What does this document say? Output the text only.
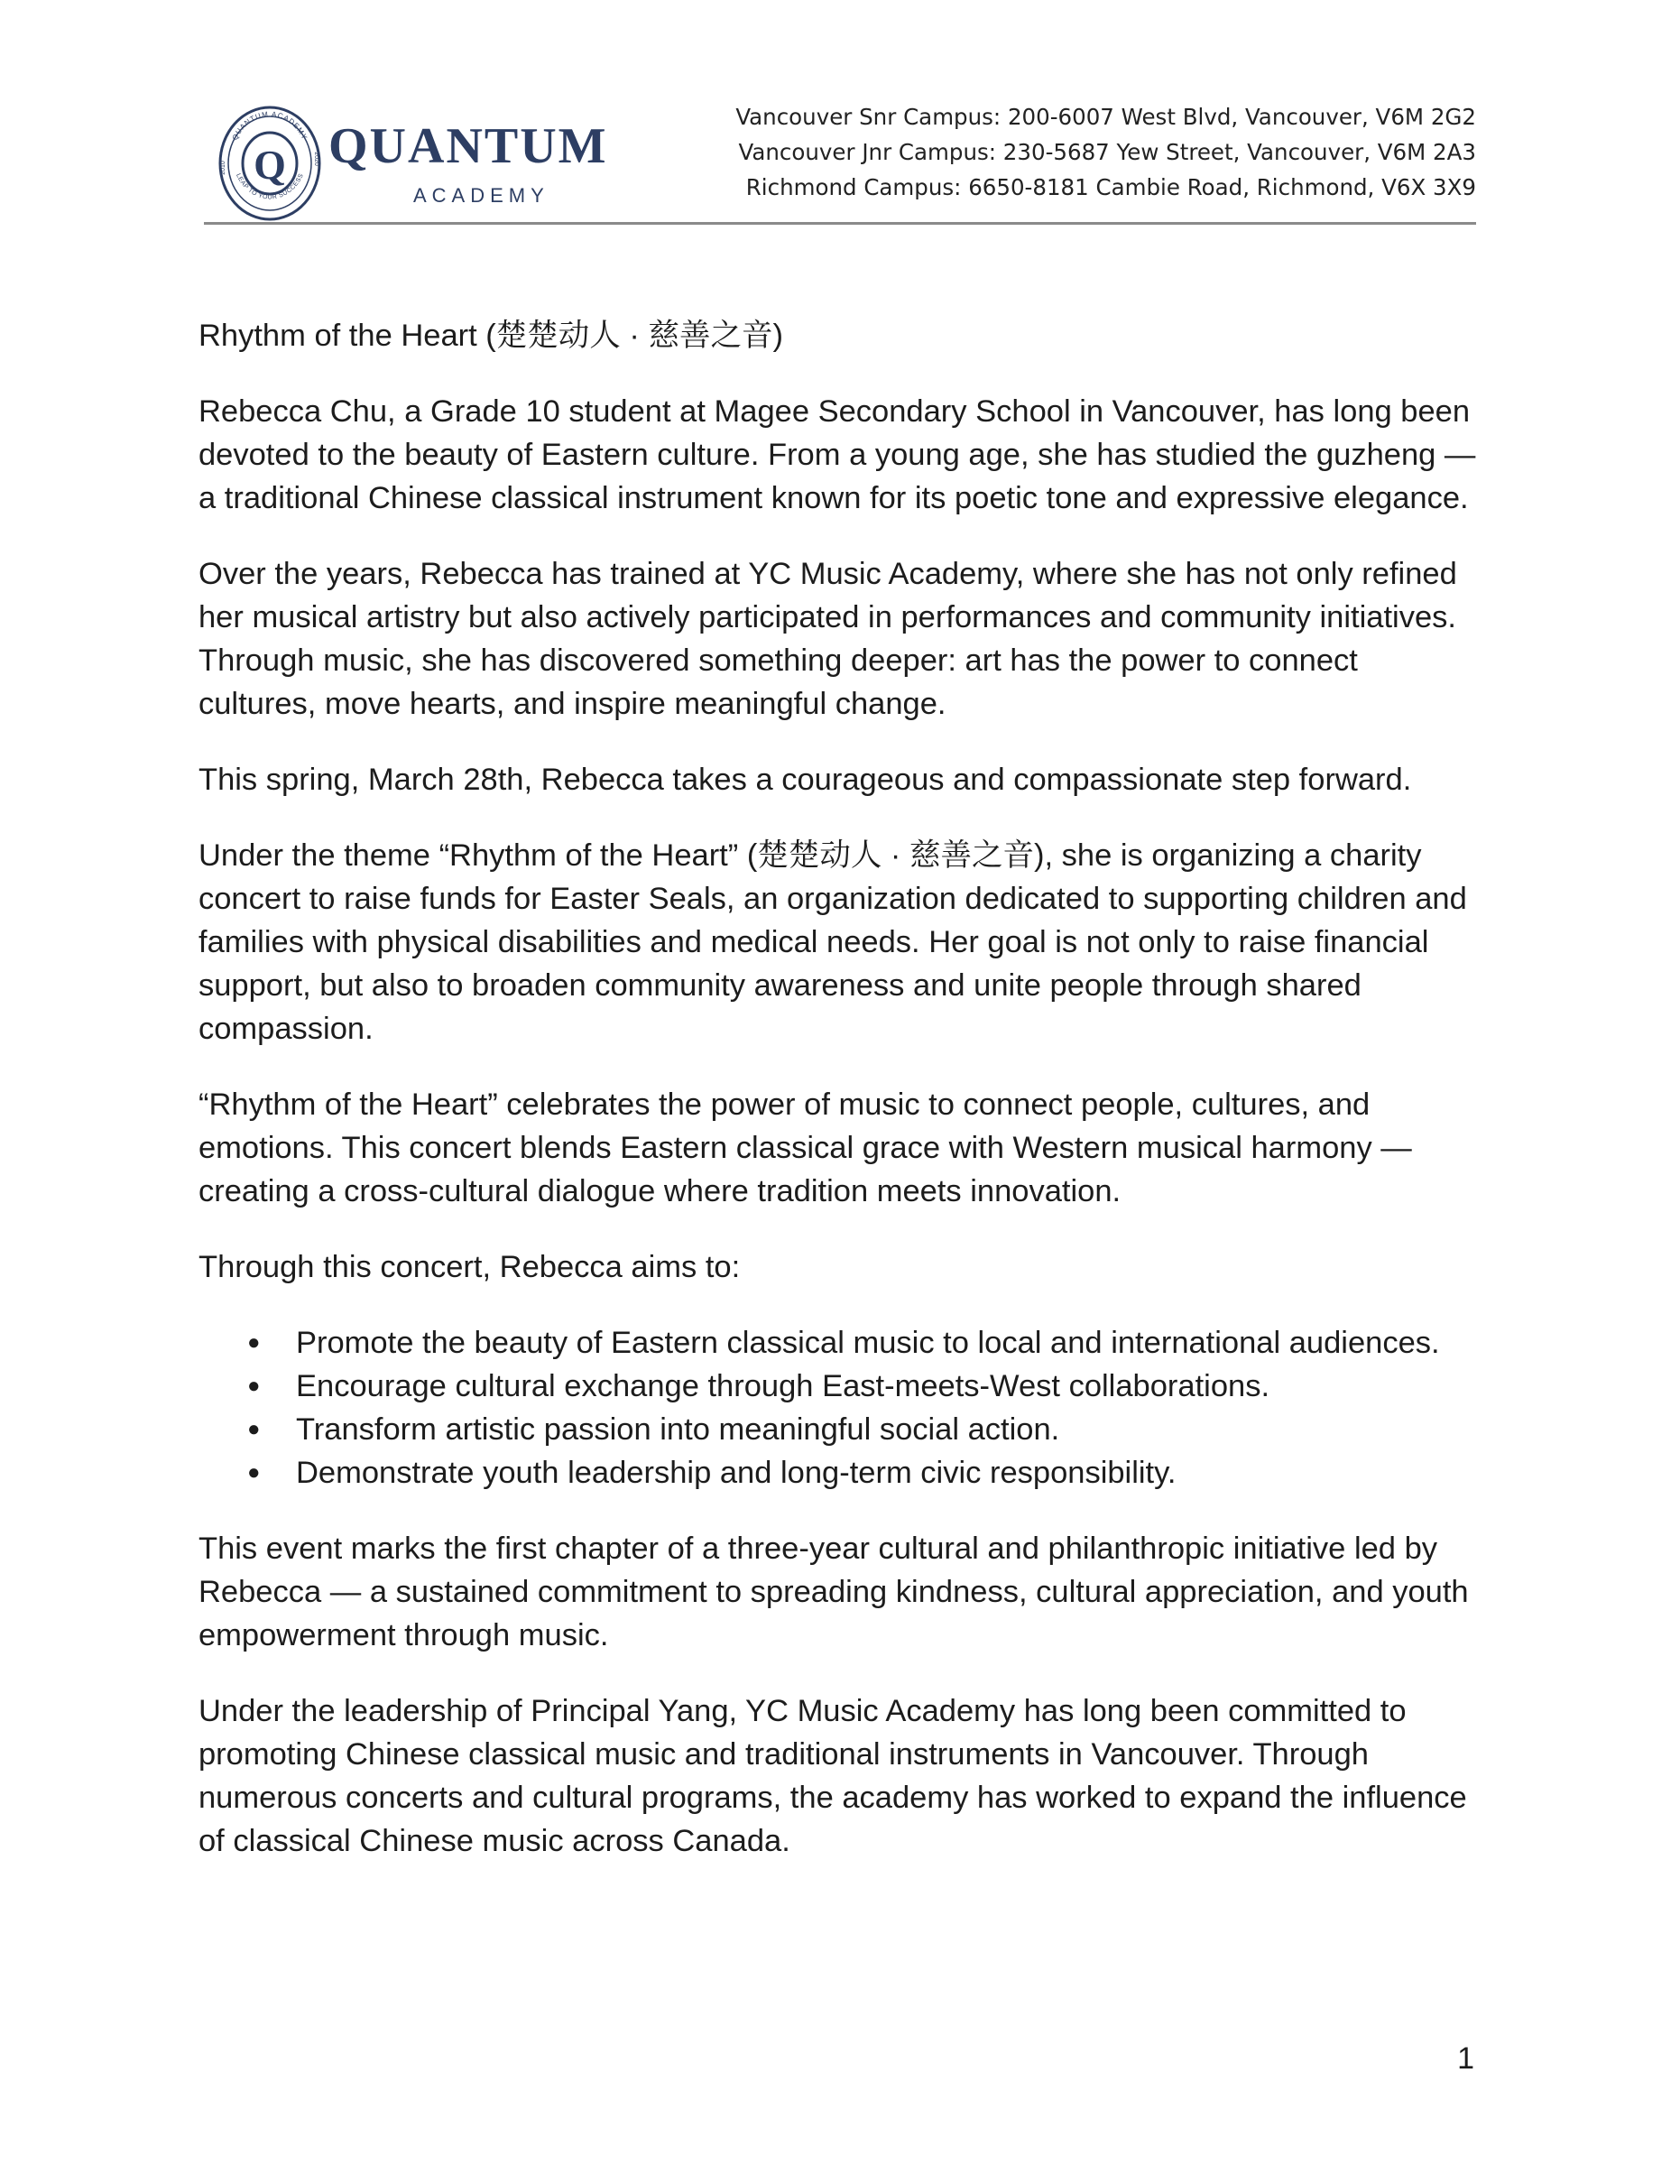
Q
QUANTUM ACADEMY
LEAP TO YOUR SUCCESS
2010
2020 QUANTUM
ACADEMY
Vancouver Snr Campus: 200-6007 West Blvd, Vancouver, V6M 2G2
Vancouver Jnr Campus: 230-5687 Yew Street, Vancouver, V6M 2A3
Richmond Campus: 6650-8181 Cambie Road, Richmond, V6X 3X9

Rhythm of the Heart (楚楚动人 · 慈善之音)

Rebecca Chu, a Grade 10 student at Magee Secondary School in Vancouver, has long been devoted to the beauty of Eastern culture. From a young age, she has studied the guzheng — a traditional Chinese classical instrument known for its poetic tone and expressive elegance.

Over the years, Rebecca has trained at YC Music Academy, where she has not only refined her musical artistry but also actively participated in performances and community initiatives. Through music, she has discovered something deeper: art has the power to connect cultures, move hearts, and inspire meaningful change.

This spring, March 28th, Rebecca takes a courageous and compassionate step forward.

Under the theme “Rhythm of the Heart” (楚楚动人 · 慈善之音), she is organizing a charity concert to raise funds for Easter Seals, an organization dedicated to supporting children and families with physical disabilities and medical needs. Her goal is not only to raise financial support, but also to broaden community awareness and unite people through shared compassion.

“Rhythm of the Heart” celebrates the power of music to connect people, cultures, and emotions. This concert blends Eastern classical grace with Western musical harmony — creating a cross-cultural dialogue where tradition meets innovation.

Through this concert, Rebecca aims to:

● Promote the beauty of Eastern classical music to local and international audiences.
● Encourage cultural exchange through East-meets-West collaborations.
● Transform artistic passion into meaningful social action.
● Demonstrate youth leadership and long-term civic responsibility.

This event marks the first chapter of a three-year cultural and philanthropic initiative led by Rebecca — a sustained commitment to spreading kindness, cultural appreciation, and youth empowerment through music.

Under the leadership of Principal Yang, YC Music Academy has long been committed to promoting Chinese classical music and traditional instruments in Vancouver. Through numerous concerts and cultural programs, the academy has worked to expand the influence of classical Chinese music across Canada.

1
